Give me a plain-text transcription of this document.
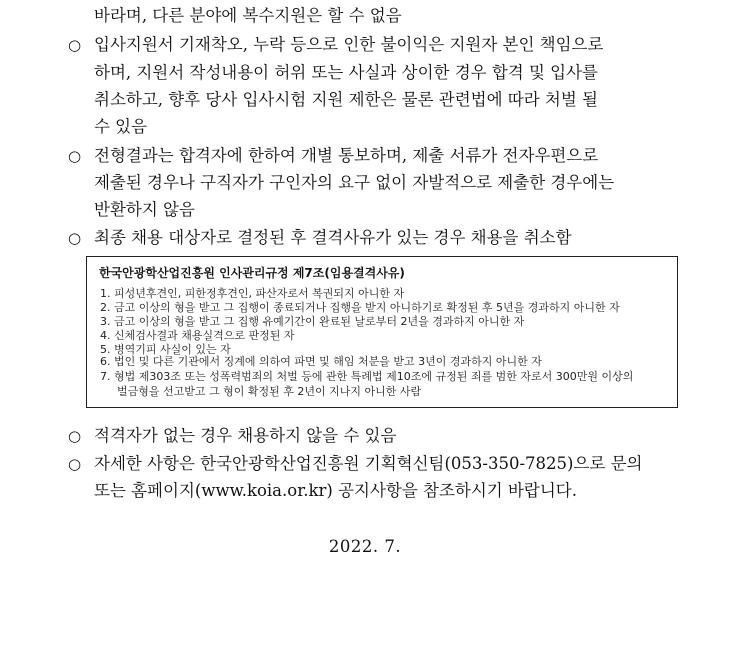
바라며, 다른 분야에 복수지원은 할 수 없음
○ 입사지원서 기재착오, 누락 등으로 인한 불이익은 지원자 본인 책임으로
하며, 지원서 작성내용이 허위 또는 사실과 상이한 경우 합격 및 입사를
취소하고, 향후 당사 입사시험 지원 제한은 물론 관련법에 따라 처벌 될
수 있음
○ 전형결과는 합격자에 한하여 개별 통보하며, 제출 서류가 전자우편으로
제출된 경우나 구직자가 구인자의 요구 없이 자발적으로 제출한 경우에는
반환하지 않음
○ 최종 채용 대상자로 결정된 후 결격사유가 있는 경우 채용을 취소함
한국안광학산업진흥원 인사관리규정 제7조(임용결격사유)
1. 피성년후견인, 피한정후견인, 파산자로서 복권되지 아니한 자
2. 금고 이상의 형을 받고 그 집행이 종료되거나 집행을 받지 아니하기로 확정된 후 5년을 경과하지 아니한 자
3. 금고 이상의 형을 받고 그 집행 유예기간이 완료된 날로부터 2년을 경과하지 아니한 자
4. 신체검사결과 채용실격으로 판정된 자
5. 병역기피 사실이 있는 자
6. 법인 및 다른 기관에서 징계에 의하여 파면 및 해임 처분을 받고 3년이 경과하지 아니한 자
7. 형법 제303조 또는 성폭력범죄의 처벌 등에 관한 특례법 제10조에 규정된 죄를 범한 자로서 300만원 이상의
벌금형을 선고받고 그 형이 확정된 후 2년이 지나지 아니한 사람
○ 적격자가 없는 경우 채용하지 않을 수 있음
○ 자세한 사항은 한국안광학산업진흥원 기획혁신팀(053-350-7825)으로 문의
또는 홈페이지(www.koia.or.kr) 공지사항을 참조하시기 바랍니다.
2022. 7.
